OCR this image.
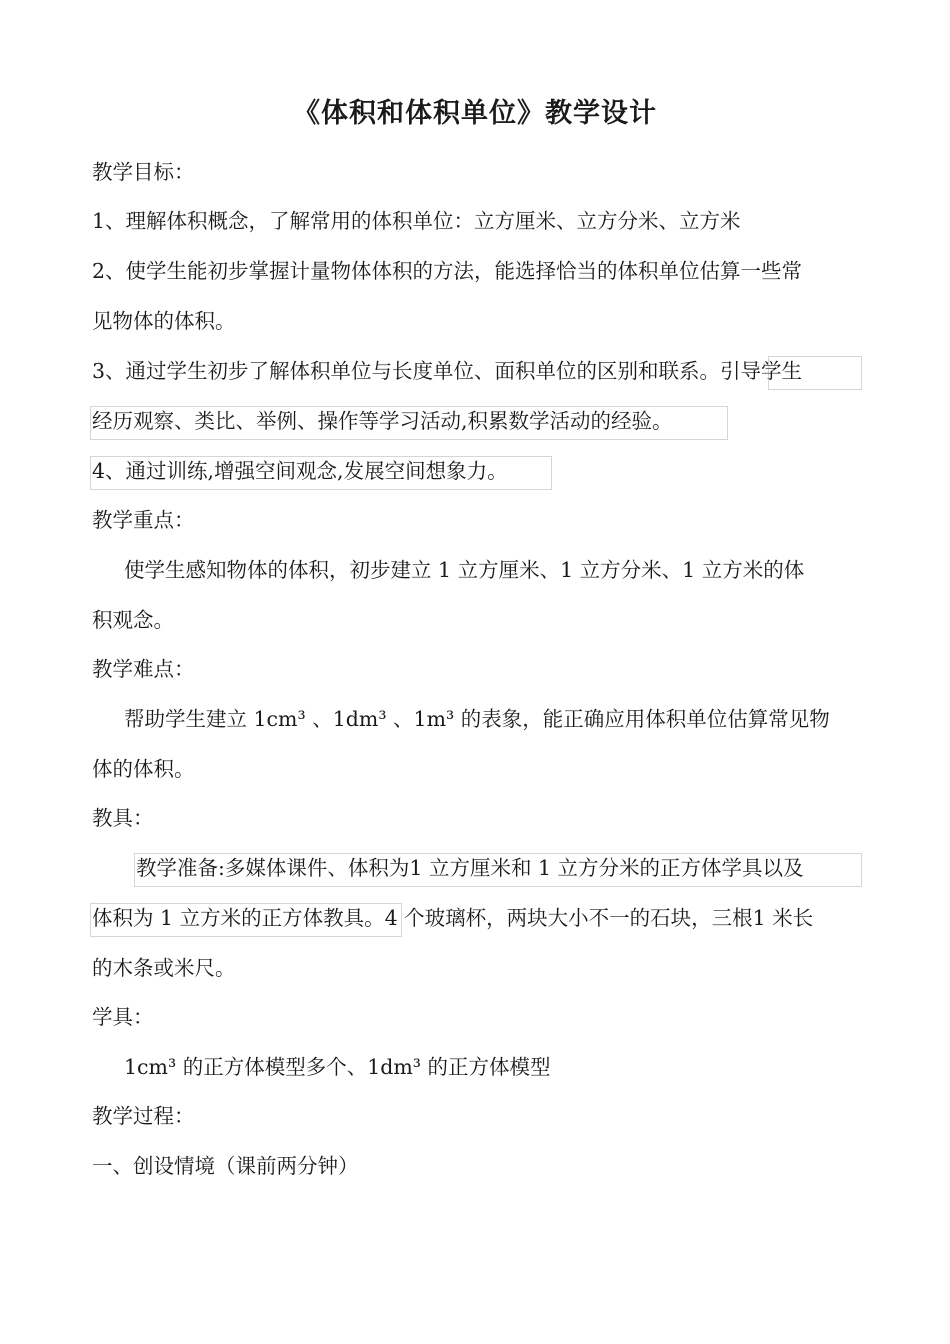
《体积和体积单位》教学设计
教学目标：
1、理解体积概念，了解常用的体积单位：立方厘米、立方分米、立方米
2、使学生能初步掌握计量物体体积的方法，能选择恰当的体积单位估算一些常
见物体的体积。
3、通过学生初步了解体积单位与长度单位、面积单位的区别和联系。引导学生
经历观察、类比、举例、操作等学习活动,积累数学活动的经验。
4、通过训练,增强空间观念,发展空间想象力。
教学重点：
使学生感知物体的体积，初步建立 1 立方厘米、1 立方分米、1 立方米的体
积观念。
教学难点：
帮助学生建立 1cm³ 、1dm³ 、1m³ 的表象，能正确应用体积单位估算常见物
体的体积。
教具：
教学准备:多媒体课件、体积为1 立方厘米和 1 立方分米的正方体学具以及
体积为 1 立方米的正方体教具。4 个玻璃杯，两块大小不一的石块，三根1 米长
的木条或米尺。
学具：
1cm³ 的正方体模型多个、1dm³ 的正方体模型
教学过程：
一、创设情境（课前两分钟）
